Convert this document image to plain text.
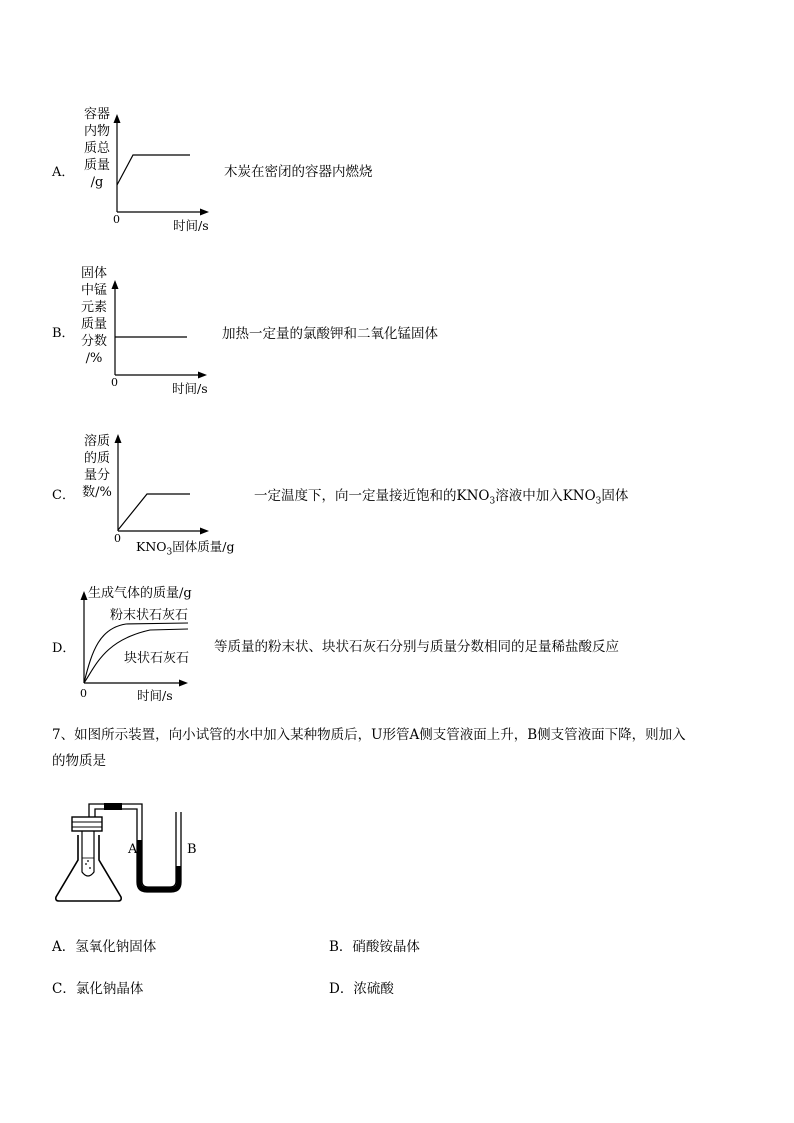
A．
容器
内物
质总
质量
/g
0	时间/s
木炭在密闭的容器内燃烧
B．
固体
中锰
元素
质量
分数
/%
0	时间/s
加热一定量的氯酸钾和二氧化锰固体
C．
溶质
的质
量分
数/%
0
$KNO_3$固体质量/g
一定温度下，向一定量接近饱和的$KNO_3$溶液中加入$KNO_3$固体
D．
生成气体的质量/g
粉末状石灰石
块状石灰石
0	时间/s
等质量的粉末状、块状石灰石分别与质量分数相同的足量稀盐酸反应
7、如图所示装置，向小试管的水中加入某种物质后，U形管A侧支管液面上升，B侧支管液面下降，则加入
的物质是
A	B
A．氢氧化钠固体	B．硝酸铵晶体
C．氯化钠晶体	D．浓硫酸
